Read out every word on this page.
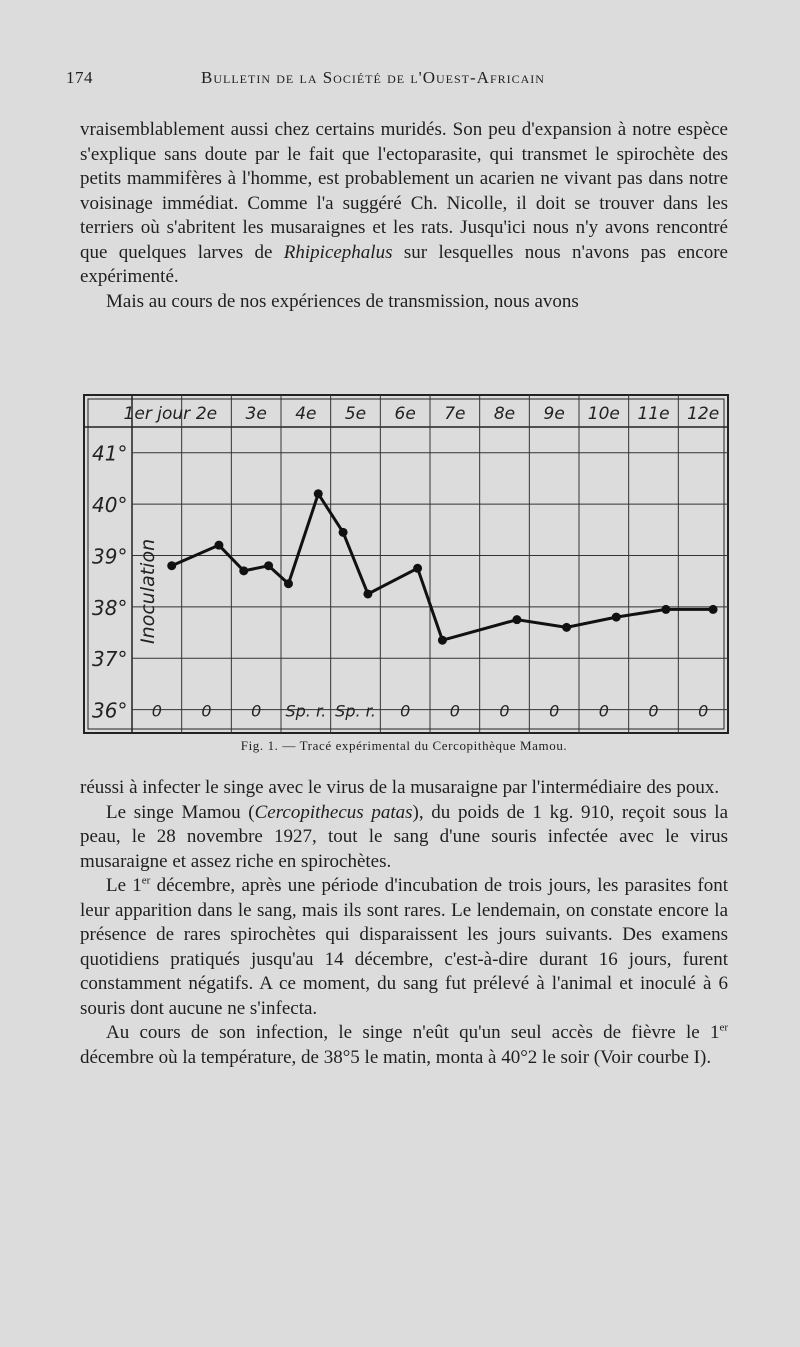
174	Bulletin de la Société de l'Ouest-Africain

vraisemblablement aussi chez certains muridés. Son peu d'expansion à notre espèce s'explique sans doute par le fait que l'ectoparasite, qui transmet le spirochète des petits mammifères à l'homme, est probablement un acarien ne vivant pas dans notre voisinage immédiat. Comme l'a suggéré Ch. Nicolle, il doit se trouver dans les terriers où s'abritent les musaraignes et les rats. Jusqu'ici nous n'y avons rencontré que quelques larves de Rhipicephalus sur lesquelles nous n'avons pas encore expérimenté.

Mais au cours de nos expériences de transmission, nous avons

41°
40°
39°
38°
37°
36°
1er jour 2e 3e 4e 5e 6e 7e 8e 9e 10e 11e 12e
Inoculation
0 0 0 Sp. r. Sp. r. 0 0 0 0 0 0 0
Fig. 1. — Tracé expérimental du Cercopithèque Mamou.

réussi à infecter le singe avec le virus de la musaraigne par l'intermédiaire des poux.

Le singe Mamou (Cercopithecus patas), du poids de 1 kg. 910, reçoit sous la peau, le 28 novembre 1927, tout le sang d'une souris infectée avec le virus musaraigne et assez riche en spirochètes.

Le 1er décembre, après une période d'incubation de trois jours, les parasites font leur apparition dans le sang, mais ils sont rares. Le lendemain, on constate encore la présence de rares spirochètes qui disparaissent les jours suivants. Des examens quotidiens pratiqués jusqu'au 14 décembre, c'est-à-dire durant 16 jours, furent constamment négatifs. A ce moment, du sang fut prélevé à l'animal et inoculé à 6 souris dont aucune ne s'infecta.

Au cours de son infection, le singe n'eût qu'un seul accès de fièvre le 1er décembre où la température, de 38°5 le matin, monta à 40°2 le soir (Voir courbe I).
